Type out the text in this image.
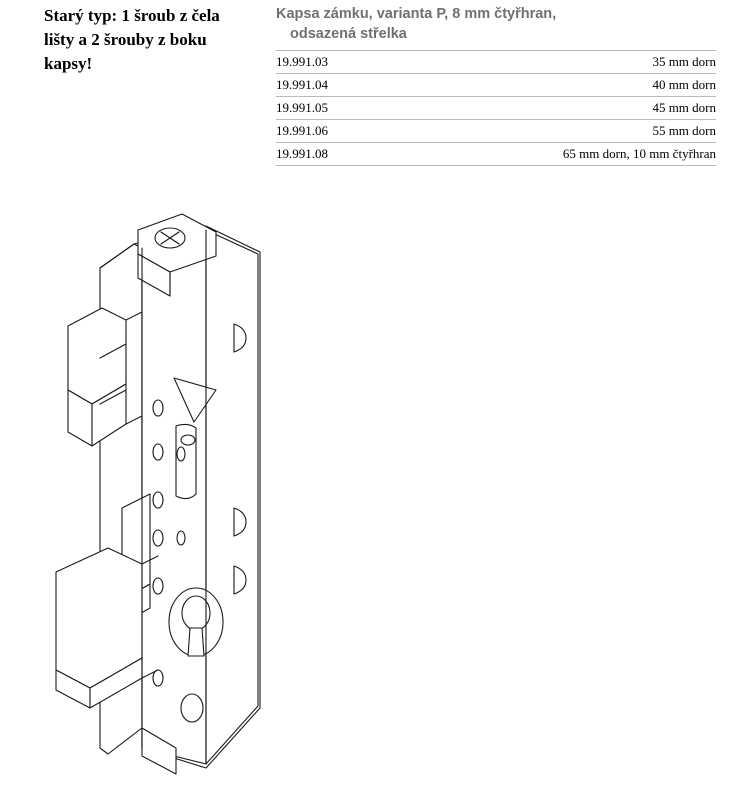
Starý typ: 1 šroub z čela lišty a 2 šrouby z boku kapsy!
Kapsa zámku, varianta P, 8 mm čtyřhran,
odsazená střelka
19.991.03	35 mm dorn
19.991.04	40 mm dorn
19.991.05	45 mm dorn
19.991.06	55 mm dorn
19.991.08	65 mm dorn, 10 mm čtyřhran
